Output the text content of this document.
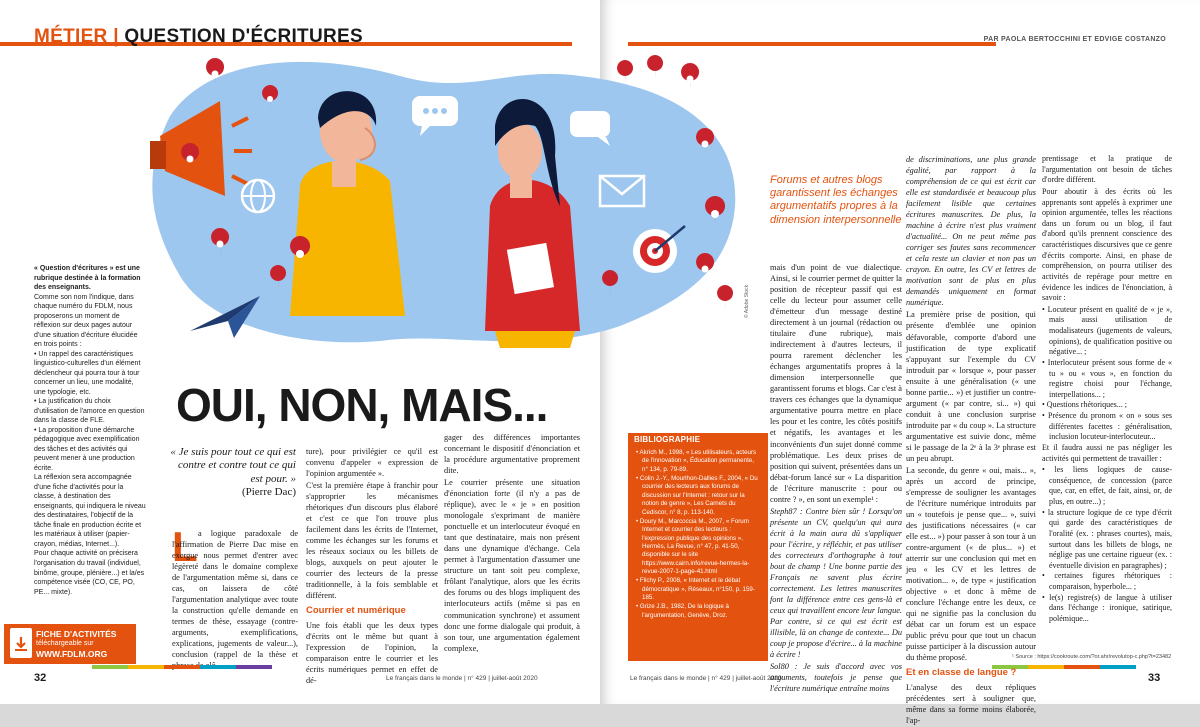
MÉTIER | QUESTION D'ÉCRITURES

« Question d'écritures » est une rubrique destinée à la formation des enseignants.

Comme son nom l'indique, dans chaque numéro du FDLM, nous proposerons un moment de réflexion sur deux pages autour d'une situation d'écriture élucidée en trois points :

• Un rappel des caractéristiques linguistico-culturelles d'un élément déclencheur qui pourra tour à tour concerner un lieu, une modalité, une typologie, etc.

• La justification du choix d'utilisation de l'amorce en question dans la classe de FLE.

• La proposition d'une démarche pédagogique avec exemplification des tâches et des activités qui peuvent mener à une production écrite.

La réflexion sera accompagnée d'une fiche d'activités pour la classe, à destination des enseignants, qui indiquera le niveau des destinataires, l'objectif de la tâche finale en production écrite et les matériaux à utiliser (papier-crayon, médias, Internet...).

Pour chaque activité on précisera l'organisation du travail (individuel, binôme, groupe, plénière...) et la/es compétence visée (CO, CE, PO, PE... mixte).

FICHE D'ACTIVITÉS
téléchargeable sur
WWW.FDLM.ORG
OUI, NON, MAIS...
« Je suis pour tout ce qui est contre et contre tout ce qui est pour. »
(Pierre Dac)
L a logique paradoxale de l'affirmation de Pierre Dac mise en exergue nous permet d'entrer avec légèreté dans le domaine complexe de l'argumentation même si, dans ce cas, on laissera de côté l'argumentation analytique avec toute la construction qu'elle demande en termes de thèse, essayage (contre-arguments, exemplifications, explications, jugements de valeur...), conclusion (rappel de la thèse et

ture), pour privilégier ce qu'il est convenu d'appeler « expression de l'opinion argumentée ».

C'est la première étape à franchir pour s'approprier les mécanismes rhétoriques d'un discours plus élaboré et c'est ce que l'on trouve plus facilement dans les écrits de l'Internet, comme les échanges sur les forums et les réseaux sociaux ou les billets de blogs, auxquels on peut ajouter le courrier des lecteurs de la presse traditionnelle, à la fois semblable et différent.

Courrier et numérique

Une fois établi que les deux types d'écrits ont le même but quant à l'expression de l'opinion, la comparaison entre le courrier et les écrits numériques permet en effet de dé-

gager des différences importantes concernant le dispositif d'énonciation et la procédure argumentative proprement dite.

Le courrier présente une situation d'énonciation forte (il n'y a pas de réplique), avec le « je » en position monologale s'exprimant de manière ponctuelle et un interlocuteur évoqué en tant que destinataire, mais non présent dans une dynamique d'échange. Cela permet à l'argumentation d'assumer une structure un tant soit peu complexe, frôlant l'analytique, alors que les écrits des forums ou des blogs impliquent des interlocuteurs actifs (même si pas en communication synchrone) et assument donc une forme dialogale qui produit, à son tour, une argumentation également complexe,

32	Le français dans le monde | n° 429 | juillet-août 2020
PAR PAOLA BERTOCCHINI ET EDVIGE COSTANZO
Le français dans le monde | n° 429 | juillet-août 2020	33
© Adobe Stock
BIBLIOGRAPHIE
• Akrich M., 1998, « Les utilisateurs, acteurs de l'innovation », Éducation permanente, n° 134, p. 79-89.
• Colin J.-Y., Mourlhon-Dallies F., 2004, « Du courrier des lecteurs aux forums de discussion sur l'Internet : retour sur la notion de genre », Les Carnets du Cediscor, n° 8, p. 113-140.
• Doury M., Marcoccia M., 2007, « Forum Internet et courrier des lecteurs : l'expression publique des opinions », Hermès, La Revue, n° 47, p. 41-50, disponible sur le site https://www.cairn.info/revue-hermes-la-revue-2007-1-page-41.html
• Flichy P., 2008, « Internet et le débat démocratique », Réseaux, n°150, p. 159-185.
• Grize J.B., 1982, De la logique à l'argumentation, Genève, Droz.
Forums et autres blogs garantissent les échanges argumentatifs propres à la dimension interpersonnelle

mais d'un point de vue dialectique. Ainsi, si le courrier permet de quitter la position de récepteur passif qui est celle du lecteur pour assumer celle d'émetteur d'un message destiné directement à un journal (rédaction ou titulaire d'une rubrique), mais indirectement à d'autres lecteurs, il pourra rarement déclencher les échanges argumentatifs propres à la dimension interpersonnelle que garantissent forums et blogs. Car c'est à travers ces échanges que la dynamique argumentative pourra mettre en place les pour et les contre, les côtés positifs et négatifs, les avantages et les inconvénients d'un sujet donné comme problématique. Les deux prises de position qui suivent, présentées dans un débat-forum lancé sur « La disparition de l'écriture manuscrite : pour ou contre ? », en sont un exemple¹ :

Steph87 : Contre bien sûr ! Lorsqu'on présente un CV, quelqu'un qui aura écrit à la main aura dû s'appliquer pour l'écrire, y réfléchir, et pas utiliser des correcteurs d'orthographe à tout bout de champ ! Une bonne partie des Français ne savent plus écrire correctement. Les lettres manuscrites font la différence entre ces gens-là et ceux qui travaillent encore leur langue. Par contre, si ce qui est écrit est illisible, là on change de contexte... Du coup je propose d'écrire... à la machine à écrire !

Sol80 : Je suis d'accord avec vos arguments, toutefois je pense que l'écriture numérique entraîne moins

de discriminations, une plus grande égalité, par rapport à la compréhension de ce qui est écrit car elle est standardisée et beaucoup plus facilement lisible que certaines écritures manuscrites. De plus, la machine à écrire n'est plus vraiment d'actualité... On ne peut même pas corriger ses fautes sans recommencer et cela reste un clavier et non pas un crayon. En outre, les CV et lettres de motivation sont de plus en plus demandés uniquement en format numérique.

La première prise de position, qui présente d'emblée une opinion défavorable, comporte d'abord une justification de type explicatif s'appuyant sur l'exemple du CV introduit par « lorsque », pour passer ensuite à une généralisation (« une bonne partie... ») et justifier un contre-argument (« par contre, si... ») qui conduit à une conclusion surprise introduite par « du coup ». La structure argumentative est suivie donc, même si le passage de la 2ᵉ à la 3ᵉ phrase est un peu abrupt.

La seconde, du genre « oui, mais... », après un accord de principe, s'empresse de souligner les avantages de l'écriture numérique introduits par un « toutefois je pense que... », suivi des justifications nécessaires (« car elle est... ») pour passer à son tour à un contre-argument (« de plus... ») et atterrir sur une conclusion qui met en jeu « les CV et les lettres de motivation... », de type « justification objective » et donc à même de conclure l'échange entre les deux, ce qui ne signifie pas la conclusion du débat car un forum est un espace public prévu pour que tout un chacun puisse participer à la discussion autour du thème proposé.

Et en classe de langue ?

L'analyse des deux répliques précédentes sert à souligner que, même dans sa forme moins élaborée, l'ap-

prentissage et la pratique de l'argumentation ont besoin de tâches d'ordre différent.

Pour aboutir à des écrits où les apprenants sont appelés à exprimer une opinion argumentée, telles les réactions dans un forum ou un blog, il faut d'abord qu'ils prennent conscience des caractéristiques discursives que ce genre d'écrits comporte. Ainsi, en phase de compréhension, on pourra utiliser des activités de repérage pour mettre en évidence les indices de l'énonciation, à savoir :

• Locuteur présent en qualité de « je », mais aussi utilisation de modalisateurs (jugements de valeurs, opinions), de qualification positive ou négative... ;
• Interlocuteur présent sous forme de « tu » ou « vous », en fonction du registre choisi pour l'échange, interpellations... ;
• Questions rhétoriques... ;
• Présence du pronom « on » sous ses différentes facettes : généralisation, inclusion locuteur-interlocuteur...

Et il faudra aussi ne pas négliger les activités qui permettent de travailler :

• les liens logiques de cause-conséquence, de concession (parce que, car, en effet, de fait, ainsi, or, de plus, en outre...) ;
• la structure logique de ce type d'écrit qui garde des caractéristiques de l'oralité (ex. : phrases courtes), mais, surtout dans les billets de blogs, ne néglige pas une certaine rigueur (ex. : éventuelle division en paragraphes) ;
• certaines figures rhétoriques : comparaison, hyperbole... ;
• le(s) registre(s) de langue à utiliser dans l'échange : ironique, satirique, polémique...
¹ Source : https://cookroute.com/?or.ahr/revolutop-c.php?t=23482
